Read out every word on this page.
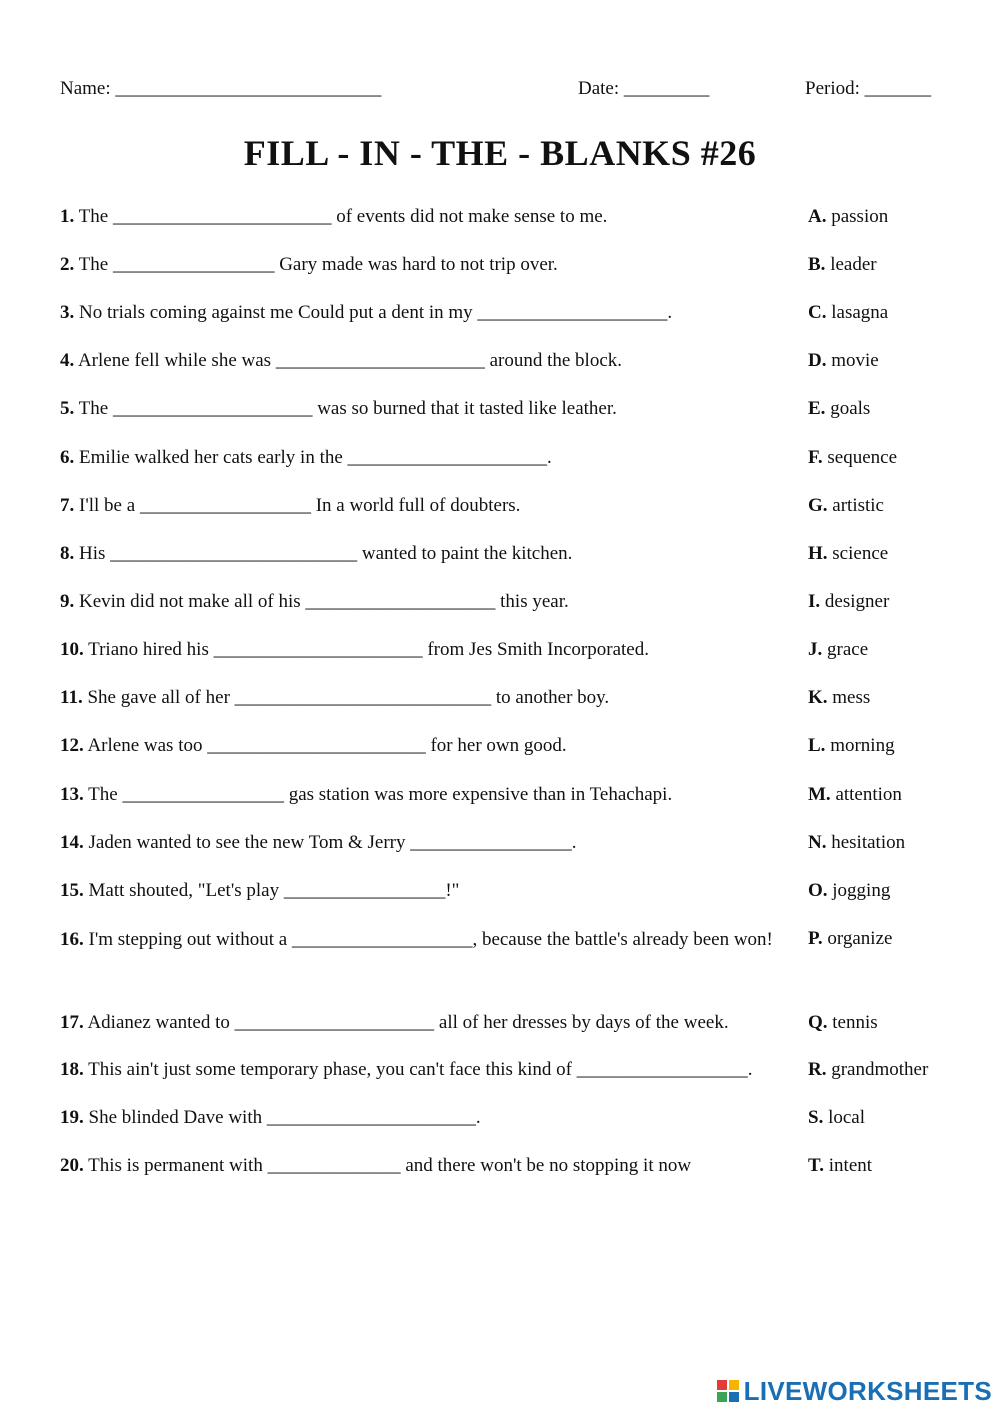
Name: ____________________________	Date: _________	Period: _______
FILL - IN - THE - BLANKS #26
1. The _______________________ of events did not make sense to me.	A. passion
2. The _________________ Gary made was hard to not trip over.	B. leader
3. No trials coming against me Could put a dent in my ____________________.	C. lasagna
4. Arlene fell while she was ______________________ around the block.	D. movie
5. The _____________________ was so burned that it tasted like leather.	E. goals
6. Emilie walked her cats early in the _____________________.	F. sequence
7. I'll be a __________________ In a world full of doubters.	G. artistic
8. His __________________________ wanted to paint the kitchen.	H. science
9. Kevin did not make all of his ____________________ this year.	I. designer
10. Triano hired his ______________________ from Jes Smith Incorporated.	J. grace
11. She gave all of her ___________________________ to another boy.	K. mess
12. Arlene was too _______________________ for her own good.	L. morning
13. The _________________ gas station was more expensive than in Tehachapi.	M. attention
14. Jaden wanted to see the new Tom & Jerry _________________.	N. hesitation
15. Matt shouted, "Let's play _________________!"	O. jogging
16. I'm stepping out without a ___________________, because the battle's already been won!	P. organize
17. Adianez wanted to _____________________ all of her dresses by days of the week.	Q. tennis
18. This ain't just some temporary phase, you can't face this kind of __________________.	R. grandmother
19. She blinded Dave with ______________________.	S. local
20. This is permanent with ______________ and there won't be no stopping it now	T. intent
LIVEWORKSHEETS
